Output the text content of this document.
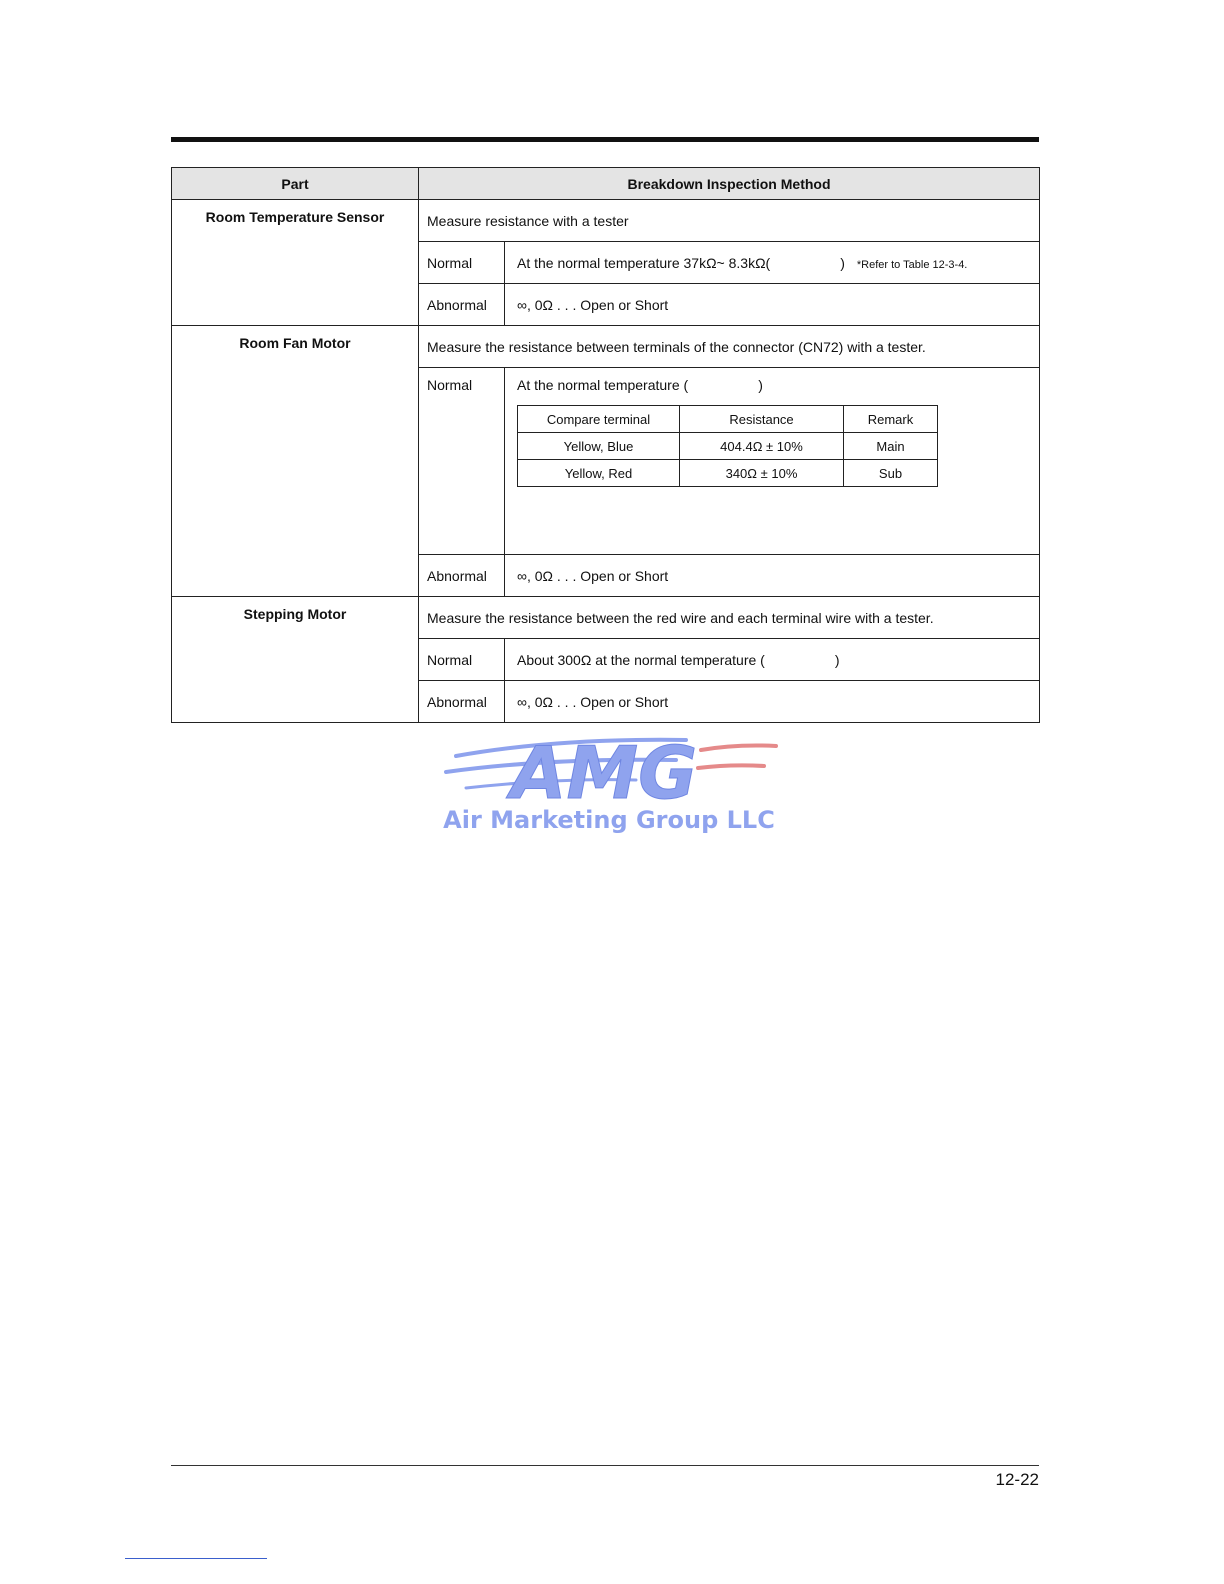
Part	Breakdown Inspection Method
Room Temperature Sensor	Measure resistance with a tester
Normal	At the normal temperature 37kΩ~ 8.3kΩ(	) *Refer to Table 12-3-4.
Abnormal	∞, 0Ω . . . Open or Short
Room Fan Motor	Measure the resistance between terminals of the connector (CN72) with a tester.
Normal	At the normal temperature (	)
Compare terminal	Resistance	Remark
Yellow, Blue	404.4Ω ± 10%	Main
Yellow, Red	340Ω ± 10%	Sub

Abnormal	∞, 0Ω . . . Open or Short
Stepping Motor	Measure the resistance between the red wire and each terminal wire with a tester.
Normal	About 300Ω at the normal temperature (	)
Abnormal	∞, 0Ω . . . Open or Short
AMG
Air Marketing Group LLC
12-22
